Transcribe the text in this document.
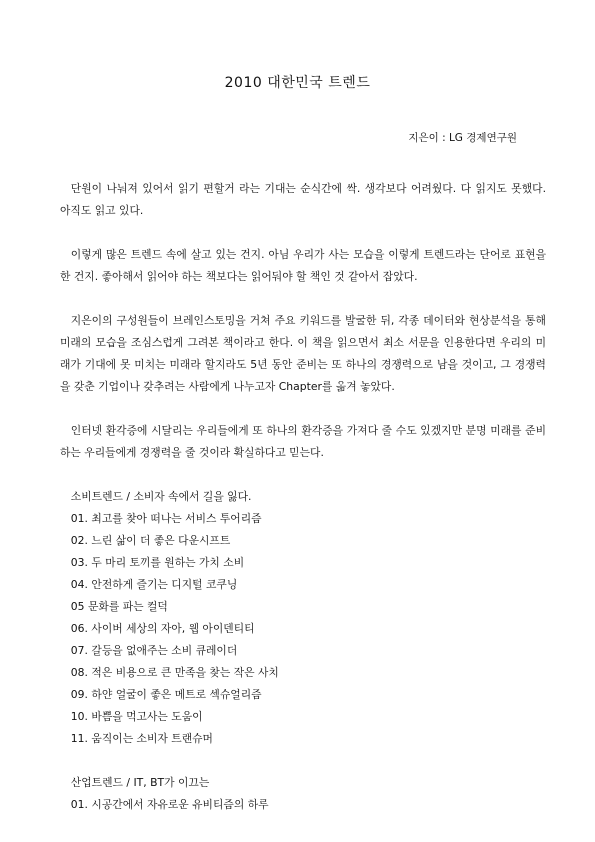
2010 대한민국 트렌드
지은이 : LG 경제연구원

단원이 나눠져 있어서 읽기 편할거 라는 기대는 순식간에 싹. 생각보다 어려웠다. 다 읽지도 못했다. 아직도 읽고 있다.

이렇게 많은 트렌드 속에 살고 있는 건지. 아님 우리가 사는 모습을 이렇게 트렌드라는 단어로 표현을 한 건지. 좋아해서 읽어야 하는 책보다는 읽어둬야 할 책인 것 같아서 잡았다.

지은이의 구성원들이 브레인스토밍을 거쳐 주요 키워드를 발굴한 뒤, 각종 데이터와 현상분석을 통해 미래의 모습을 조심스럽게 그려본 책이라고 한다. 이 책을 읽으면서 최소 서문을 인용한다면 우리의 미래가 기대에 못 미치는 미래라 할지라도 5년 동안 준비는 또 하나의 경쟁력으로 남을 것이고, 그 경쟁력을 갖춘 기업이나 갖추려는 사람에게 나누고자 Chapter를 옮겨 놓았다.

인터넷 환각증에 시달리는 우리들에게 또 하나의 환각증을 가져다 줄 수도 있겠지만 분명 미래를 준비하는 우리들에게 경쟁력을 줄 것이라 확실하다고 믿는다.

소비트렌드 / 소비자 속에서 길을 잃다.
01. 최고를 찾아 떠나는 서비스 투어리즘
02. 느린 삶이 더 좋은 다운시프트
03. 두 마리 토끼를 원하는 가치 소비
04. 안전하게 즐기는 디지털 코쿠닝
05 문화를 파는 컬덕
06. 사이버 세상의 자아, 웹 아이덴티티
07. 갈등을 없애주는 소비 큐레이더
08. 적은 비용으로 큰 만족을 찾는 작은 사치
09. 하얀 얼굴이 좋은 메트로 섹슈얼리즘
10. 바쁨을 먹고사는 도움이
11. 움직이는 소비자 트랜슈머
산업트렌드 / IT, BT가 이끄는
01. 시공간에서 자유로운 유비티즘의 하루
